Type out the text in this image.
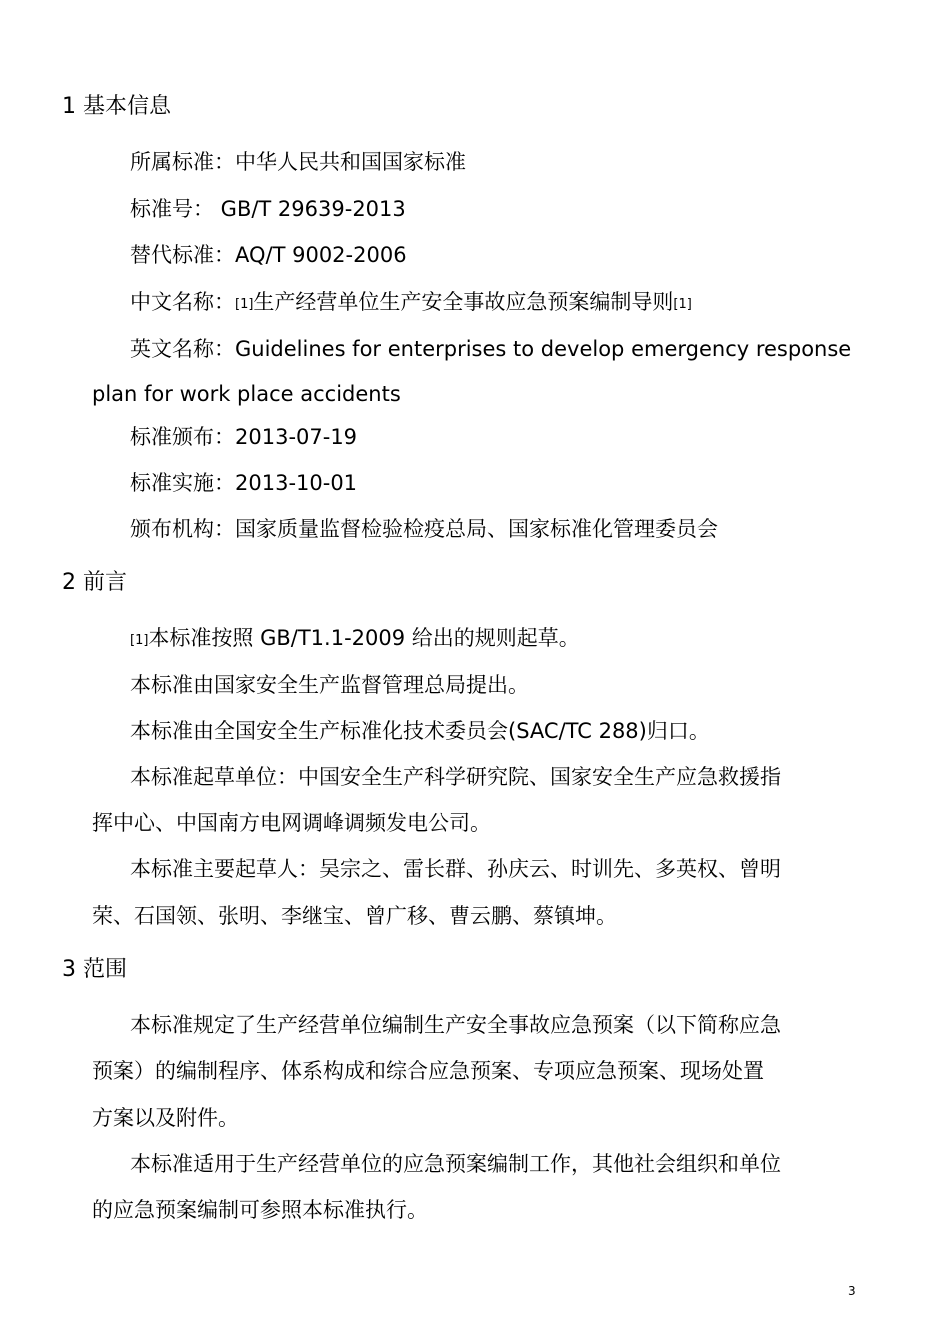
1 基本信息
所属标准：中华人民共和国国家标准
标准号： GB/T 29639-2013
替代标准：AQ/T 9002-2006
中文名称：[1]生产经营单位生产安全事故应急预案编制导则[1]
英文名称：Guidelines for enterprises to develop emergency response
plan for work place accidents
标准颁布：2013-07-19
标准实施：2013-10-01
颁布机构：国家质量监督检验检疫总局、国家标准化管理委员会
2 前言
[1]本标准按照 GB/T1.1-2009 给出的规则起草。
本标准由国家安全生产监督管理总局提出。
本标准由全国安全生产标准化技术委员会(SAC/TC 288)归口。
本标准起草单位：中国安全生产科学研究院、国家安全生产应急救援指
挥中心、中国南方电网调峰调频发电公司。
本标准主要起草人：吴宗之、雷长群、孙庆云、时训先、多英权、曾明
荣、石国领、张明、李继宝、曾广移、曹云鹏、蔡镇坤。
3 范围
本标准规定了生产经营单位编制生产安全事故应急预案（以下简称应急
预案）的编制程序、体系构成和综合应急预案、专项应急预案、现场处置
方案以及附件。
本标准适用于生产经营单位的应急预案编制工作，其他社会组织和单位
的应急预案编制可参照本标准执行。
3
